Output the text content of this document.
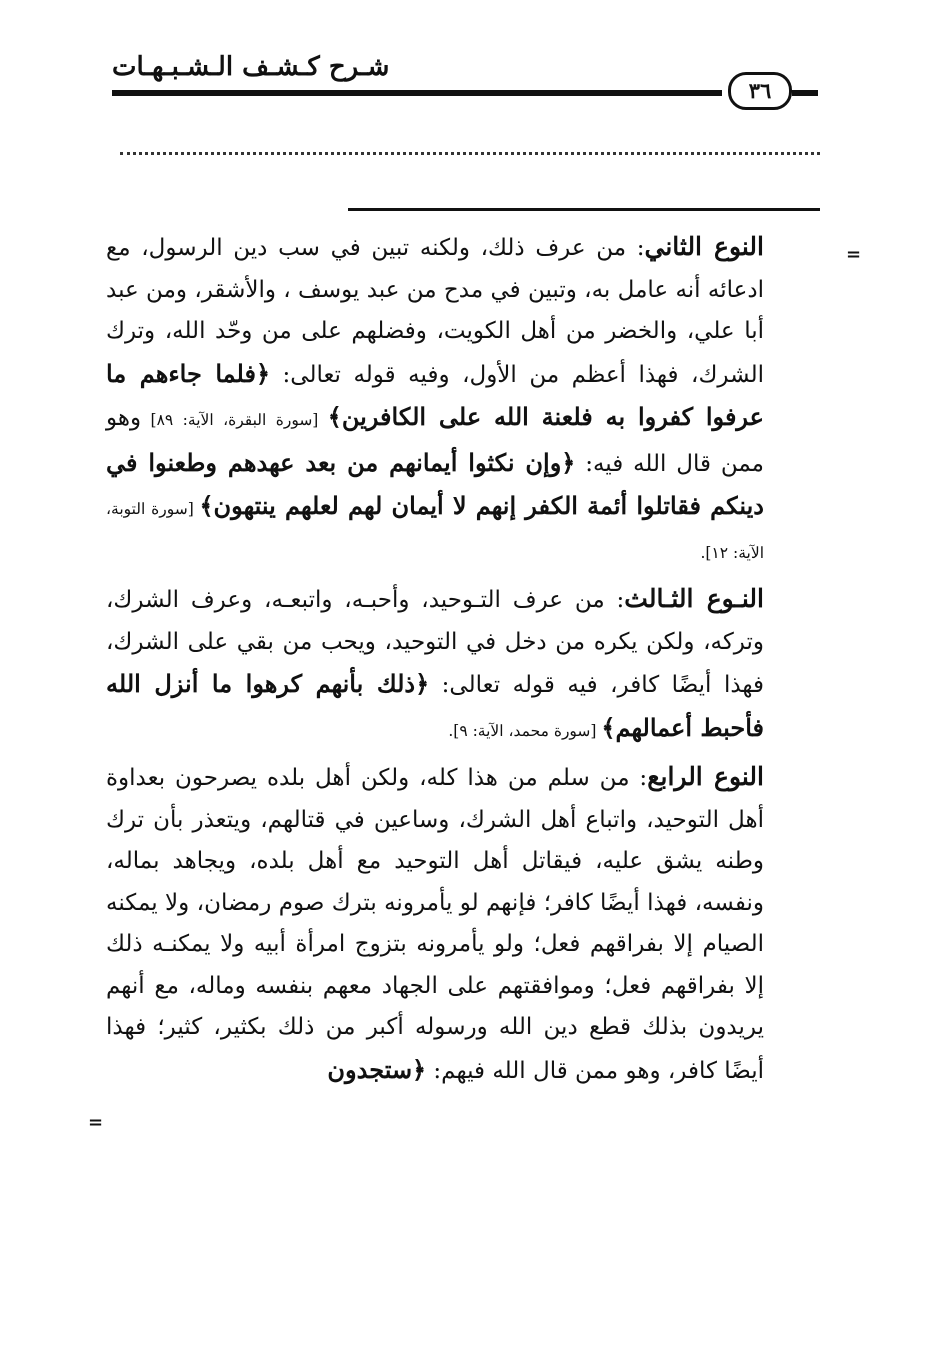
شـرح كـشـف الـشـبـهـات
٣٦
=
=

النوع الثاني: من عرف ذلك، ولكنه تبين في سب دين الرسول، مع ادعائه أنه عامل به، وتبين في مدح من عبد يوسف ، والأشقر، ومن عبد أبا علي، والخضر من أهل الكويت، وفضلهم على من وحّد الله، وترك الشرك، فهذا أعظم من الأول، وفيه قوله تعالى: ﴿فلما جاءهم ما عرفوا كفروا به فلعنة الله على الكافرين﴾ [سورة البقرة، الآية: ٨٩] وهو ممن قال الله فيه: ﴿وإن نكثوا أيمانهم من بعد عهدهم وطعنوا في دينكم فقاتلوا أئمة الكفر إنهم لا أيمان لهم لعلهم ينتهون﴾ [سورة التوبة، الآية: ١٢].

النـوع الثـالث: من عرف التـوحيد، وأحبـه، واتبعـه، وعرف الشرك، وتركه، ولكن يكره من دخل في التوحيد، ويحب من بقي على الشرك، فهذا أيضًا كافر، فيه قوله تعالى: ﴿ذلك بأنهم كرهوا ما أنزل الله فأحبط أعمالهم﴾ [سورة محمد، الآية: ٩].

النوع الرابع: من سلم من هذا كله، ولكن أهل بلده يصرحون بعداوة أهل التوحيد، واتباع أهل الشرك، وساعين في قتالهم، ويتعذر بأن ترك وطنه يشق عليه، فيقاتل أهل التوحيد مع أهل بلده، ويجاهد بماله، ونفسه، فهذا أيضًا كافر؛ فإنهم لو يأمرونه بترك صوم رمضان، ولا يمكنه الصيام إلا بفراقهم فعل؛ ولو يأمرونه بتزوج امرأة أبيه ولا يمكنـه ذلك إلا بفراقهم فعل؛ وموافقتهم على الجهاد معهم بنفسه وماله، مع أنهم يريدون بذلك قطع دين الله ورسوله أكبر من ذلك بكثير، كثير؛ فهذا أيضًا كافر، وهو ممن قال الله فيهم: ﴿ستجدون
